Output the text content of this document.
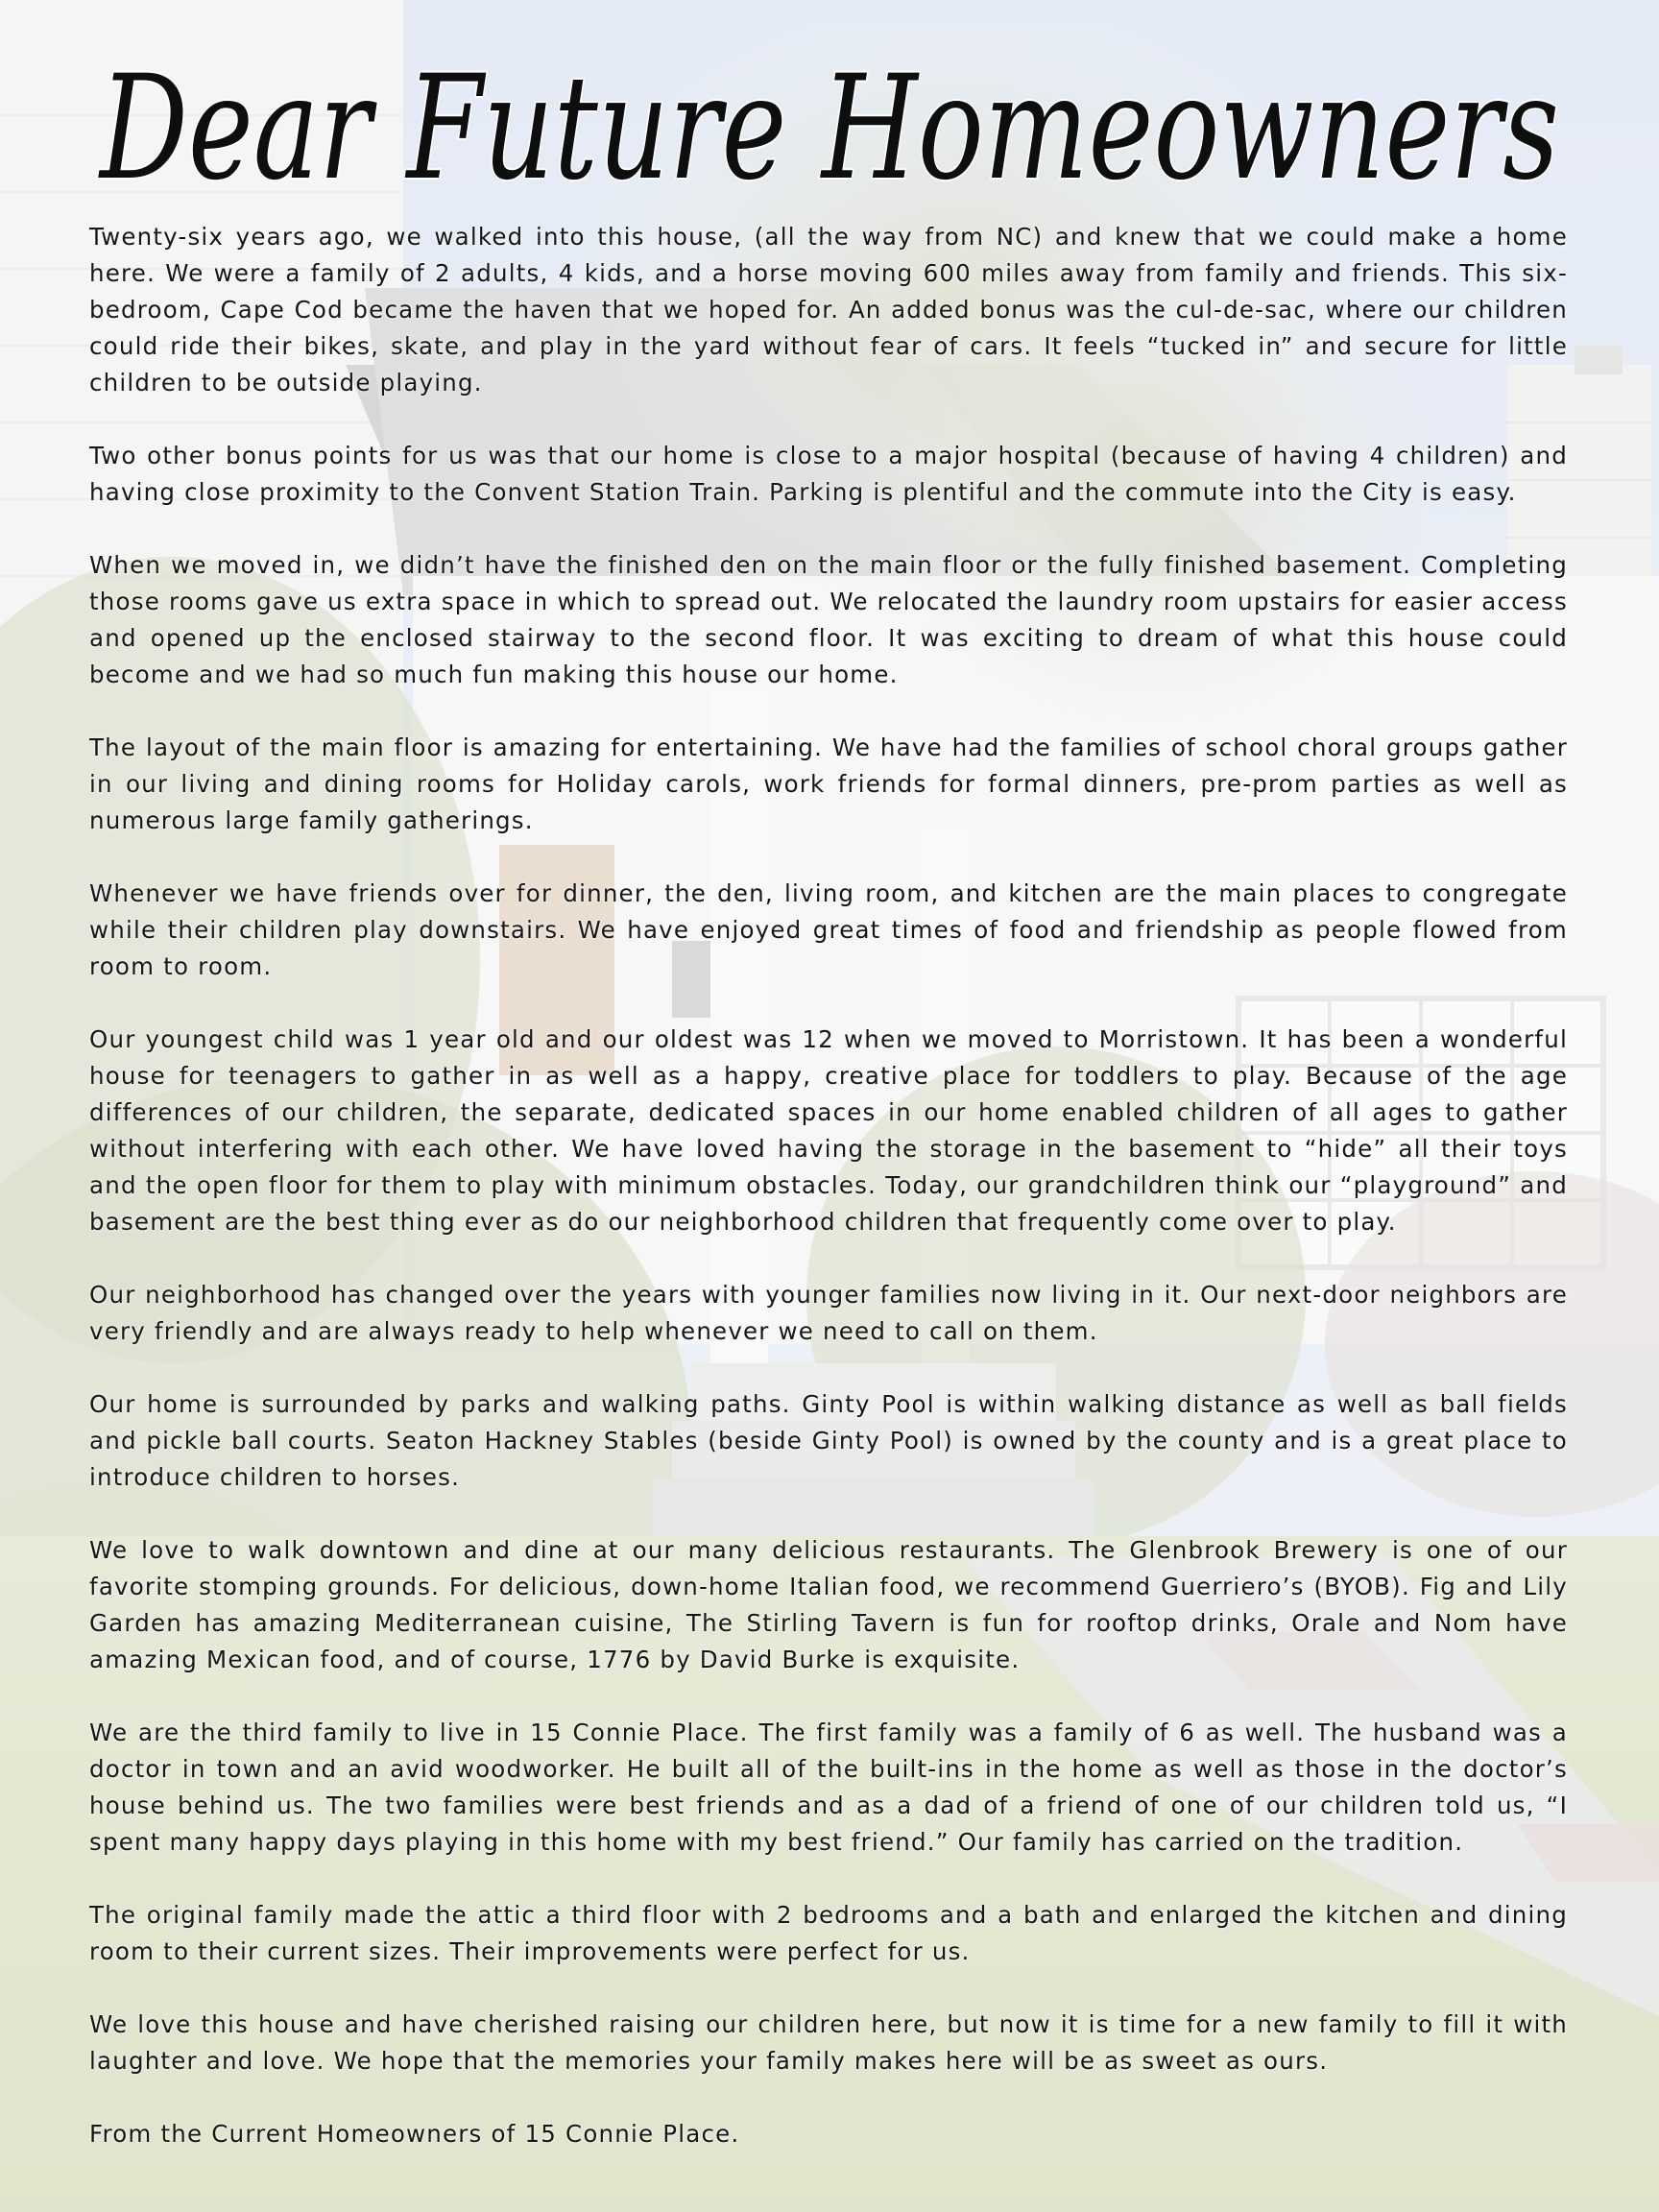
Dear Future Homeowners

Twenty-six years ago, we walked into this house, (all the way from NC) and knew that we could make a home here. We were a family of 2 adults, 4 kids, and a horse moving 600 miles away from family and friends. This six-bedroom, Cape Cod became the haven that we hoped for. An added bonus was the cul-de-sac, where our children could ride their bikes, skate, and play in the yard without fear of cars. It feels “tucked in” and secure for little children to be outside playing.

Two other bonus points for us was that our home is close to a major hospital (because of having 4 children) and having close proximity to the Convent Station Train. Parking is plentiful and the commute into the City is easy.

When we moved in, we didn’t have the finished den on the main floor or the fully finished basement. Completing those rooms gave us extra space in which to spread out. We relocated the laundry room upstairs for easier access and opened up the enclosed stairway to the second floor. It was exciting to dream of what this house could become and we had so much fun making this house our home.

The layout of the main floor is amazing for entertaining. We have had the families of school choral groups gather in our living and dining rooms for Holiday carols, work friends for formal dinners, pre-prom parties as well as numerous large family gatherings.

Whenever we have friends over for dinner, the den, living room, and kitchen are the main places to congregate while their children play downstairs. We have enjoyed great times of food and friendship as people flowed from room to room.

Our youngest child was 1 year old and our oldest was 12 when we moved to Morristown. It has been a wonderful house for teenagers to gather in as well as a happy, creative place for toddlers to play. Because of the age differences of our children, the separate, dedicated spaces in our home enabled children of all ages to gather without interfering with each other. We have loved having the storage in the basement to “hide” all their toys and the open floor for them to play with minimum obstacles. Today, our grandchildren think our “playground” and basement are the best thing ever as do our neighborhood children that frequently come over to play.

Our neighborhood has changed over the years with younger families now living in it. Our next-door neighbors are very friendly and are always ready to help whenever we need to call on them.

Our home is surrounded by parks and walking paths. Ginty Pool is within walking distance as well as ball fields and pickle ball courts. Seaton Hackney Stables (beside Ginty Pool) is owned by the county and is a great place to introduce children to horses.

We love to walk downtown and dine at our many delicious restaurants. The Glenbrook Brewery is one of our favorite stomping grounds. For delicious, down-home Italian food, we recommend Guerriero’s (BYOB). Fig and Lily Garden has amazing Mediterranean cuisine, The Stirling Tavern is fun for rooftop drinks, Orale and Nom have amazing Mexican food, and of course, 1776 by David Burke is exquisite.

We are the third family to live in 15 Connie Place. The first family was a family of 6 as well. The husband was a doctor in town and an avid woodworker. He built all of the built-ins in the home as well as those in the doctor’s house behind us. The two families were best friends and as a dad of a friend of one of our children told us, “I spent many happy days playing in this home with my best friend.” Our family has carried on the tradition.

The original family made the attic a third floor with 2 bedrooms and a bath and enlarged the kitchen and dining room to their current sizes. Their improvements were perfect for us.

We love this house and have cherished raising our children here, but now it is time for a new family to fill it with laughter and love. We hope that the memories your family makes here will be as sweet as ours.

From the Current Homeowners of 15 Connie Place.
